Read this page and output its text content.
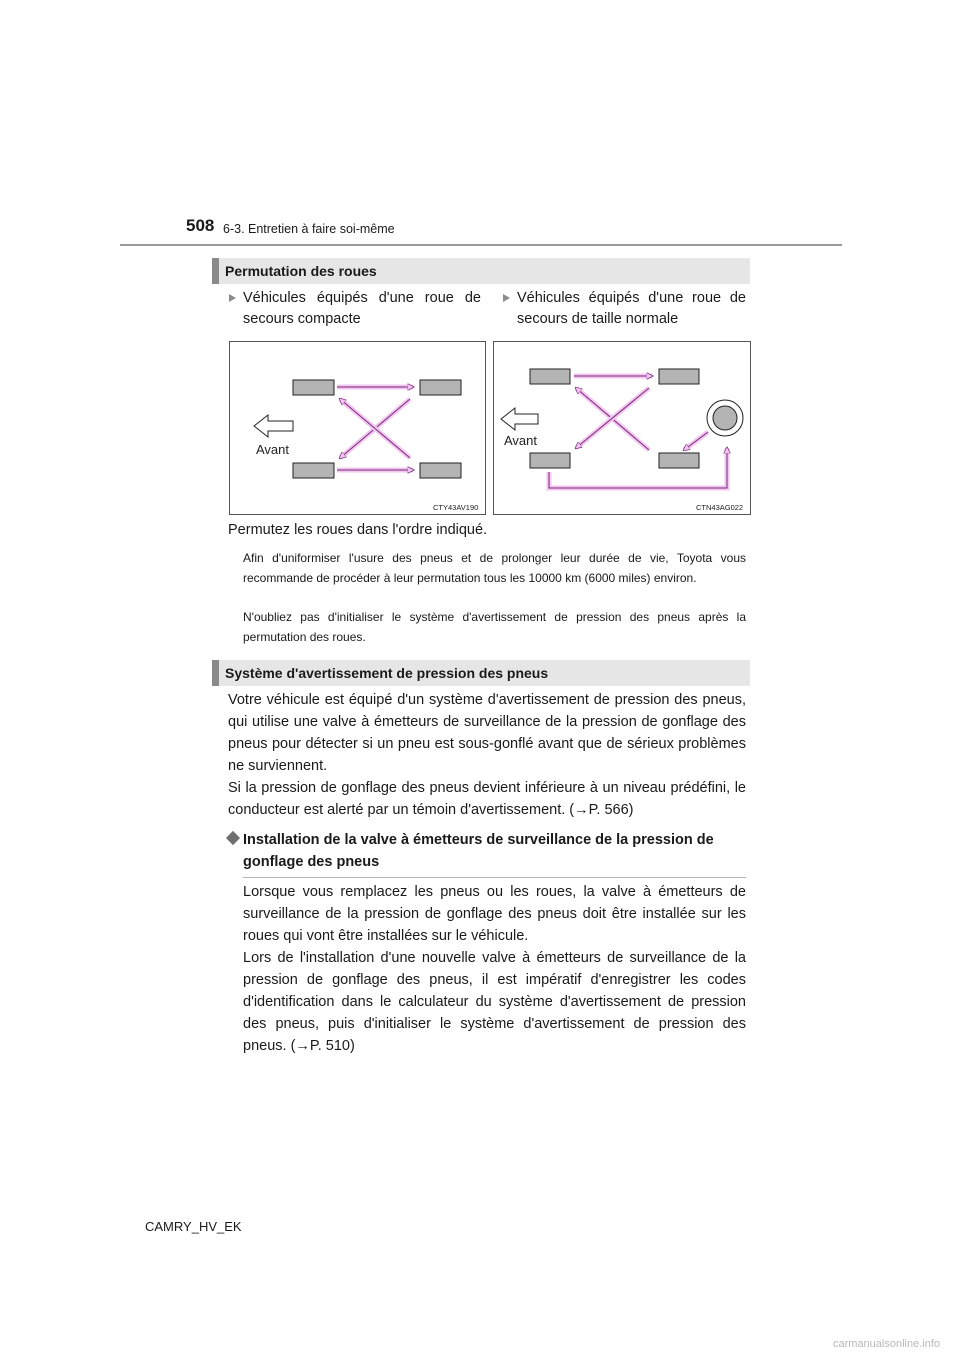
508 6-3. Entretien à faire soi-même
Permutation des roues
Véhicules équipés d'une roue de secours compacte
Véhicules équipés d'une roue de secours de taille normale
Avant
CTY43AV190
Avant
CTN43AG022
Permutez les roues dans l'ordre indiqué.
Afin d'uniformiser l'usure des pneus et de prolonger leur durée de vie, Toyota vous recommande de procéder à leur permutation tous les 10000 km (6000 miles) environ.
N'oubliez pas d'initialiser le système d'avertissement de pression des pneus après la permutation des roues.
Système d'avertissement de pression des pneus
Votre véhicule est équipé d'un système d'avertissement de pression des pneus, qui utilise une valve à émetteurs de surveillance de la pression de gonflage des pneus pour détecter si un pneu est sous-gonflé avant que de sérieux problèmes ne surviennent.
Si la pression de gonflage des pneus devient inférieure à un niveau prédéfini, le conducteur est alerté par un témoin d'avertissement. (→P. 566)
Installation de la valve à émetteurs de surveillance de la pression de gonflage des pneus
Lorsque vous remplacez les pneus ou les roues, la valve à émetteurs de surveillance de la pression de gonflage des pneus doit être installée sur les roues qui vont être installées sur le véhicule.
Lors de l'installation d'une nouvelle valve à émetteurs de surveillance de la pression de gonflage des pneus, il est impératif d'enregistrer les codes d'identification dans le calculateur du système d'avertissement de pression des pneus, puis d'initialiser le système d'avertissement de pression des pneus. (→P. 510)
CAMRY_HV_EK
carmanualsonline.info
